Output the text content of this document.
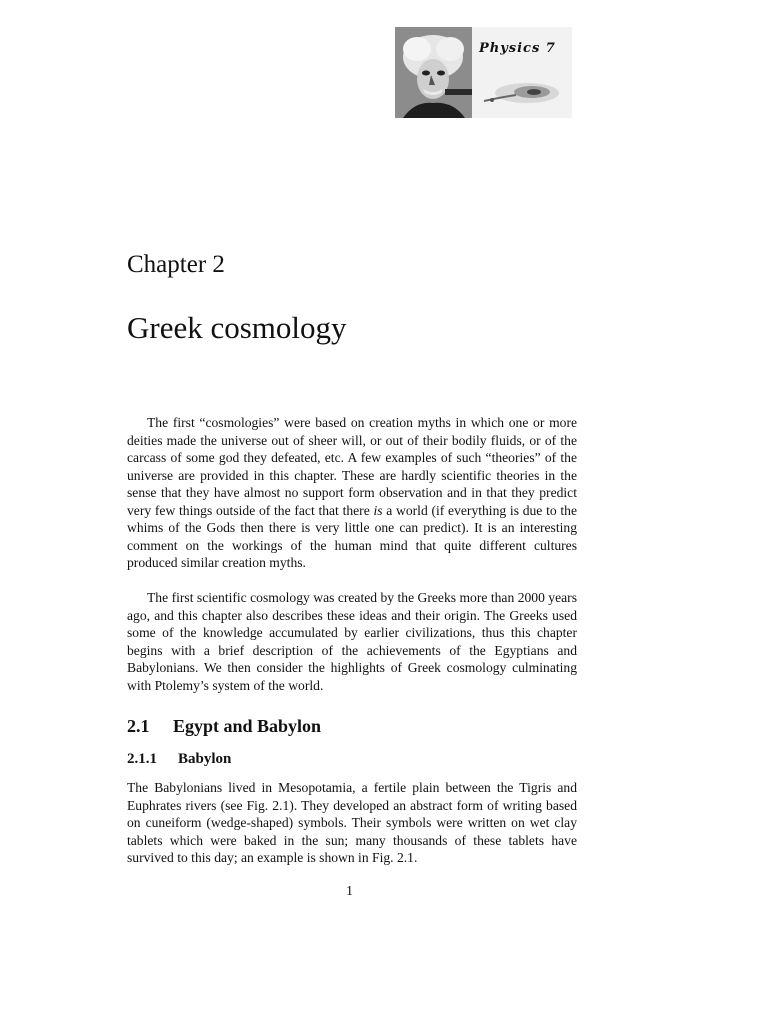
Physics 7
Chapter 2
Greek cosmology

The first “cosmologies” were based on creation myths in which one or more deities made the universe out of sheer will, or out of their bodily fluids, or of the carcass of some god they defeated, etc. A few examples of such “theories” of the universe are provided in this chapter. These are hardly scientific theories in the sense that they have almost no support form observation and in that they predict very few things outside of the fact that there is a world (if everything is due to the whims of the Gods then there is very little one can predict). It is an interesting comment on the workings of the human mind that quite different cultures produced similar creation myths.

The first scientific cosmology was created by the Greeks more than 2000 years ago, and this chapter also describes these ideas and their origin. The Greeks used some of the knowledge accumulated by earlier civilizations, thus this chapter begins with a brief description of the achievements of the Egyptians and Babylonians. We then consider the highlights of Greek cosmology culminating with Ptolemy’s system of the world.

2.1 Egypt and Babylon
2.1.1 Babylon

The Babylonians lived in Mesopotamia, a fertile plain between the Tigris and Euphrates rivers (see Fig. 2.1). They developed an abstract form of writing based on cuneiform (wedge-shaped) symbols. Their symbols were written on wet clay tablets which were baked in the sun; many thousands of these tablets have survived to this day; an example is shown in Fig. 2.1.

1
